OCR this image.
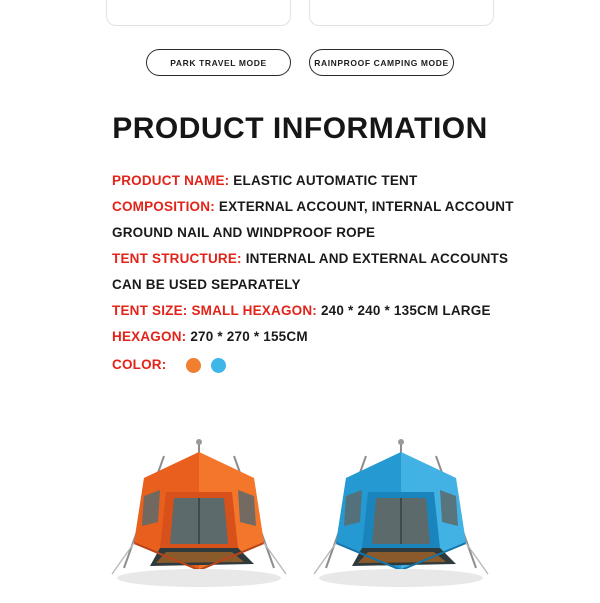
PARK TRAVEL MODE	RAINPROOF CAMPING MODE
PRODUCT INFORMATION
PRODUCT NAME: ELASTIC AUTOMATIC TENT
COMPOSITION: EXTERNAL ACCOUNT, INTERNAL ACCOUNT GROUND NAIL AND WINDPROOF ROPE
TENT STRUCTURE: INTERNAL AND EXTERNAL ACCOUNTS CAN BE USED SEPARATELY
TENT SIZE: SMALL HEXAGON: 240 * 240 * 135CM LARGE
HEXAGON: 270 * 270 * 155CM
COLOR:
